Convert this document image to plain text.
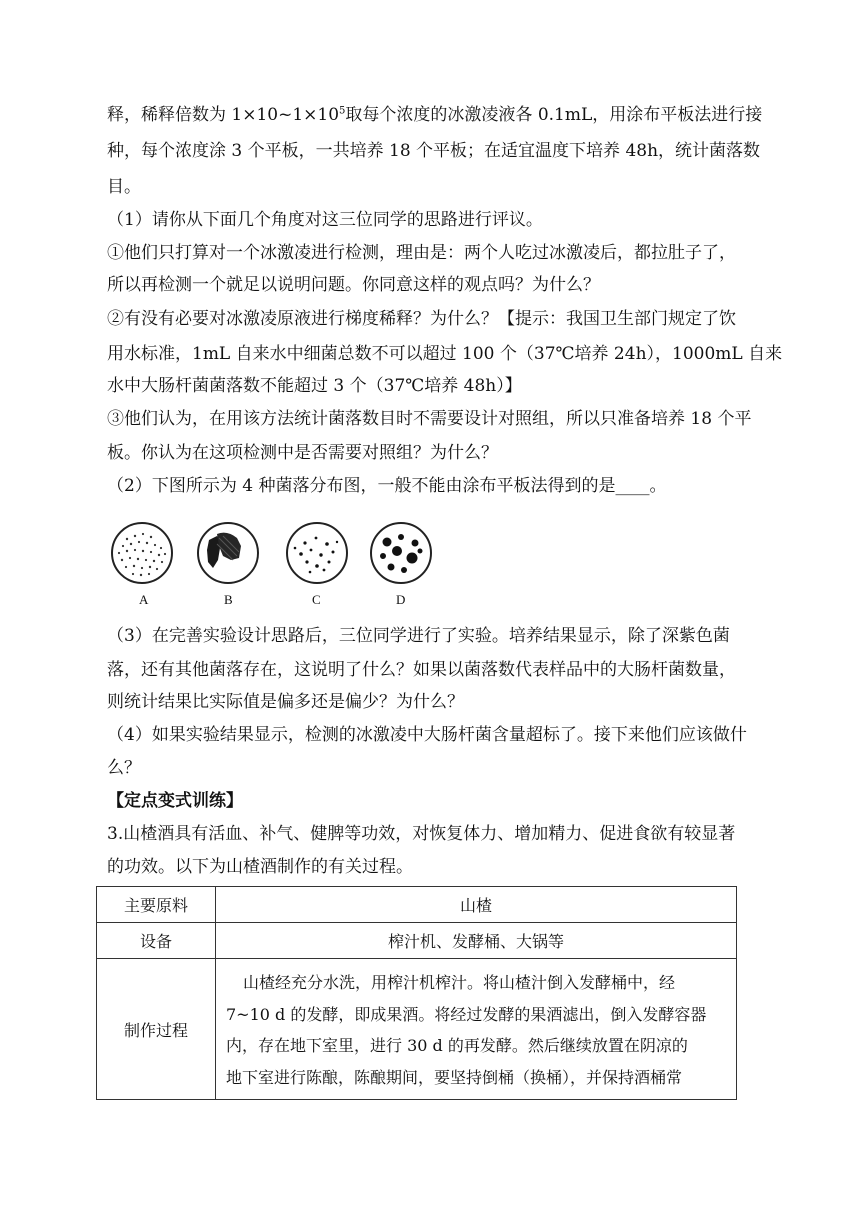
释，稀释倍数为 $1\times 10\sim 1\times 10^5$取每个浓度的冰激凌液各 0.1mL，用涂布平板法进行接
种，每个浓度涂 3 个平板，一共培养 18 个平板；在适宜温度下培养 48h，统计菌落数
目。
（1）请你从下面几个角度对这三位同学的思路进行评议。
①他们只打算对一个冰激凌进行检测，理由是：两个人吃过冰激凌后，都拉肚子了，
所以再检测一个就足以说明问题。你同意这样的观点吗？为什么？
②有没有必要对冰激凌原液进行梯度稀释？为什么？【提示：我国卫生部门规定了饮
用水标准，1mL 自来水中细菌总数不可以超过 100 个（37℃培养 24h），1000mL 自来
水中大肠杆菌菌落数不能超过 3 个（37℃培养 48h）】
③他们认为，在用该方法统计菌落数目时不需要设计对照组，所以只准备培养 18 个平
板。你认为在这项检测中是否需要对照组？为什么？
（2）下图所示为 4 种菌落分布图，一般不能由涂布平板法得到的是____。
A	B	C	D
（3）在完善实验设计思路后，三位同学进行了实验。培养结果显示，除了深紫色菌
落，还有其他菌落存在，这说明了什么？如果以菌落数代表样品中的大肠杆菌数量，
则统计结果比实际值是偏多还是偏少？为什么？
（4）如果实验结果显示，检测的冰激凌中大肠杆菌含量超标了。接下来他们应该做什
么？
【定点变式训练】
3.山楂酒具有活血、补气、健脾等功效，对恢复体力、增加精力、促进食欲有较显著
的功效。以下为山楂酒制作的有关过程。
主要原料	山楂
设备	榨汁机、发酵桶、大锅等
制作过程	山楂经充分水洗，用榨汁机榨汁。将山楂汁倒入发酵桶中，经
7~10 d 的发酵，即成果酒。将经过发酵的果酒滤出，倒入发酵容器
内，存在地下室里，进行 30 d 的再发酵。然后继续放置在阴凉的
地下室进行陈酿，陈酿期间，要坚持倒桶（换桶），并保持酒桶常
